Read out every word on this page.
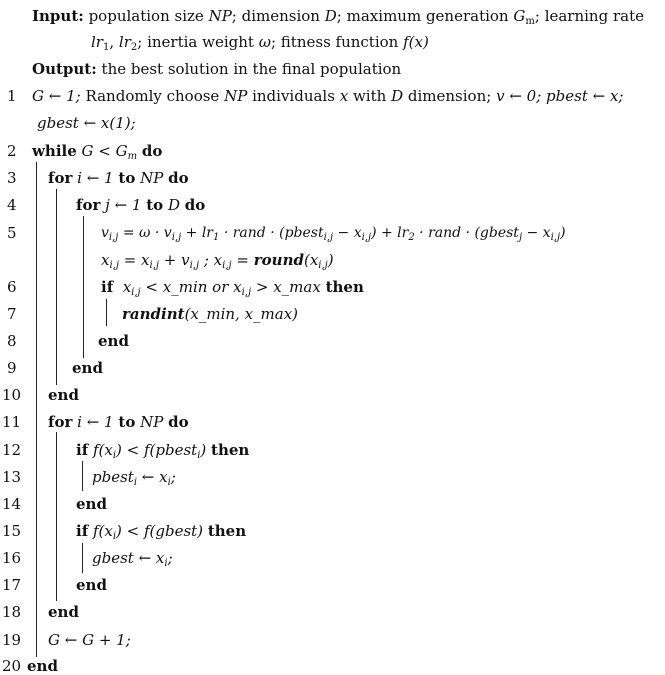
Input: population size NP; dimension D; maximum generation $G_m$; learning rate
$lr_1$, $lr_2$; inertia weight ω; fitness function f(x)
Output: the best solution in the final population
1
2
3
4
5
6
7
8
9
10
11
12
13
14
15
16
17
18
19
20
G ← 1; Randomly choose NP individuals x with D dimension; v ← 0; pbest ← x;
gbest ← x(1);
while $G < G_m$ do
for i ← 1 to NP do
for j ← 1 to D do
$v_{i,j} = \omega \cdot v_{i,j} + lr_1$ · rand · (pbest$_{i,j}$ − $x_{i,j}) + lr_2$ · rand · (gbest$_j$ − $x_{i,j}$)
$x_{i,j} = x_{i,j} + v_{i,j}$ ; $x_{i,j}$ = $round(x_{i,j})$
if $x_{i,j}$ < x_min or $x_{i,j}$ > x_max then
randint(x_min, x_max)
end
end
end
for i ← 1 to NP do
if $f(x_i)$ < f(pbest$_i$) then
pbest$_i$ ← $x_i$;
end
if $f(x_i)$ < f(gbest) then
gbest ← $x_i$;
end
end
G ← G + 1;
end
